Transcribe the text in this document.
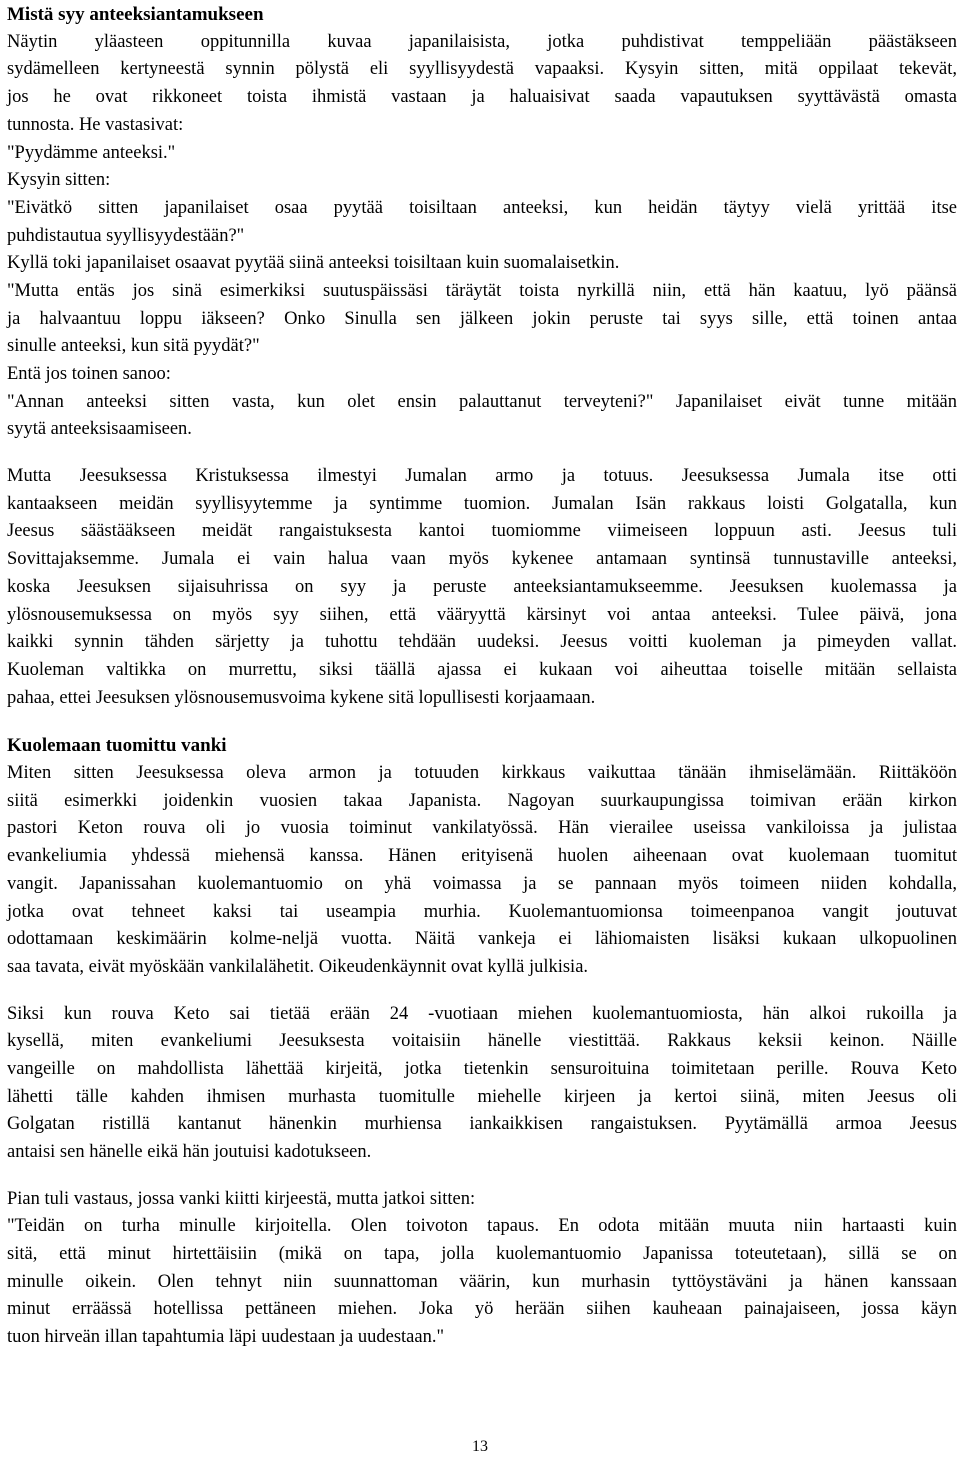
Mistä syy anteeksiantamukseen
Näytin yläasteen oppitunnilla kuvaa japanilaisista, jotka puhdistivat temppeliään päästäkseen
sydämelleen kertyneestä synnin pölystä eli syyllisyydestä vapaaksi. Kysyin sitten, mitä oppilaat tekevät,
jos he ovat rikkoneet toista ihmistä vastaan ja haluaisivat saada vapautuksen syyttävästä omasta
tunnosta. He vastasivat:
"Pyydämme anteeksi."
Kysyin sitten:
"Eivätkö sitten japanilaiset osaa pyytää toisiltaan anteeksi, kun heidän täytyy vielä yrittää itse
puhdistautua syyllisyydestään?"
Kyllä toki japanilaiset osaavat pyytää siinä anteeksi toisiltaan kuin suomalaisetkin.
"Mutta entäs jos sinä esimerkiksi suutuspäissäsi täräytät toista nyrkillä niin, että hän kaatuu, lyö päänsä
ja halvaantuu loppu iäkseen? Onko Sinulla sen jälkeen jokin peruste tai syys sille, että toinen antaa
sinulle anteeksi, kun sitä pyydät?"
Entä jos toinen sanoo:
"Annan anteeksi sitten vasta, kun olet ensin palauttanut terveyteni?" Japanilaiset eivät tunne mitään
syytä anteeksisaamiseen.
Mutta Jeesuksessa Kristuksessa ilmestyi Jumalan armo ja totuus. Jeesuksessa Jumala itse otti
kantaakseen meidän syyllisyytemme ja syntimme tuomion. Jumalan Isän rakkaus loisti Golgatalla, kun
Jeesus säästääkseen meidät rangaistuksesta kantoi tuomiomme viimeiseen loppuun asti. Jeesus tuli
Sovittajaksemme. Jumala ei vain halua vaan myös kykenee antamaan syntinsä tunnustaville anteeksi,
koska Jeesuksen sijaisuhrissa on syy ja peruste anteeksiantamukseemme. Jeesuksen kuolemassa ja
ylösnousemuksessa on myös syy siihen, että vääryyttä kärsinyt voi antaa anteeksi. Tulee päivä, jona
kaikki synnin tähden särjetty ja tuhottu tehdään uudeksi. Jeesus voitti kuoleman ja pimeyden vallat.
Kuoleman valtikka on murrettu, siksi täällä ajassa ei kukaan voi aiheuttaa toiselle mitään sellaista
pahaa, ettei Jeesuksen ylösnousemusvoima kykene sitä lopullisesti korjaamaan.
Kuolemaan tuomittu vanki
Miten sitten Jeesuksessa oleva armon ja totuuden kirkkaus vaikuttaa tänään ihmiselämään. Riittäköön
siitä esimerkki joidenkin vuosien takaa Japanista. Nagoyan suurkaupungissa toimivan erään kirkon
pastori Keton rouva oli jo vuosia toiminut vankilatyössä. Hän vierailee useissa vankiloissa ja julistaa
evankeliumia yhdessä miehensä kanssa. Hänen erityisenä huolen aiheenaan ovat kuolemaan tuomitut
vangit. Japanissahan kuolemantuomio on yhä voimassa ja se pannaan myös toimeen niiden kohdalla,
jotka ovat tehneet kaksi tai useampia murhia. Kuolemantuomionsa toimeenpanoa vangit joutuvat
odottamaan keskimäärin kolme-neljä vuotta. Näitä vankeja ei lähiomaisten lisäksi kukaan ulkopuolinen
saa tavata, eivät myöskään vankilalähetit. Oikeudenkäynnit ovat kyllä julkisia.
Siksi kun rouva Keto sai tietää erään 24 -vuotiaan miehen kuolemantuomiosta, hän alkoi rukoilla ja
kysellä, miten evankeliumi Jeesuksesta voitaisiin hänelle viestittää. Rakkaus keksii keinon. Näille
vangeille on mahdollista lähettää kirjeitä, jotka tietenkin sensuroituina toimitetaan perille. Rouva Keto
lähetti tälle kahden ihmisen murhasta tuomitulle miehelle kirjeen ja kertoi siinä, miten Jeesus oli
Golgatan ristillä kantanut hänenkin murhiensa iankaikkisen rangaistuksen. Pyytämällä armoa Jeesus
antaisi sen hänelle eikä hän joutuisi kadotukseen.
Pian tuli vastaus, jossa vanki kiitti kirjeestä, mutta jatkoi sitten:
"Teidän on turha minulle kirjoitella. Olen toivoton tapaus. En odota mitään muuta niin hartaasti kuin
sitä, että minut hirtettäisiin (mikä on tapa, jolla kuolemantuomio Japanissa toteutetaan), sillä se on
minulle oikein. Olen tehnyt niin suunnattoman väärin, kun murhasin tyttöystäväni ja hänen kanssaan
minut erräässä hotellissa pettäneen miehen. Joka yö herään siihen kauheaan painajaiseen, jossa käyn
tuon hirveän illan tapahtumia läpi uudestaan ja uudestaan."
13
